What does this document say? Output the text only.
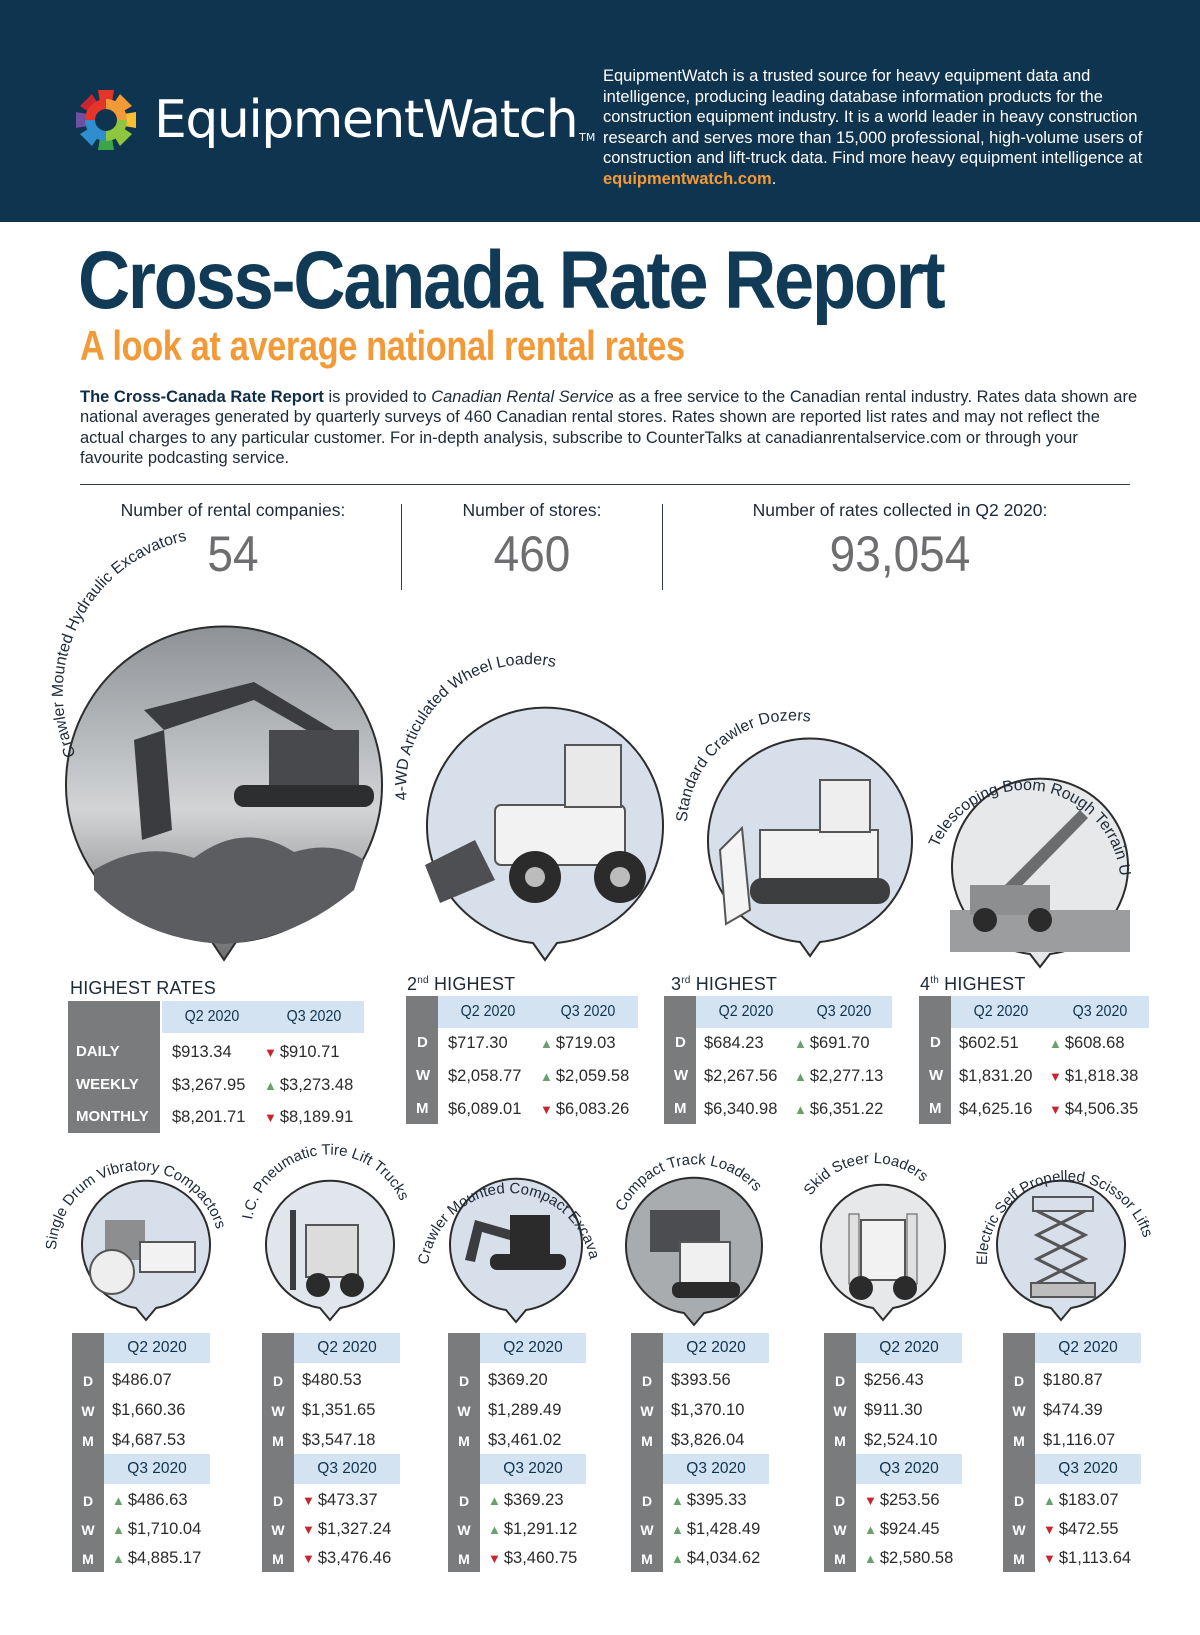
EquipmentWatch TM
EquipmentWatch is a trusted source for heavy equipment data and intelligence, producing leading database information products for the construction equipment industry. It is a world leader in heavy construction research and serves more than 15,000 professional, high-volume users of construction and lift-truck data. Find more heavy equipment intelligence at equipmentwatch.com.
Cross-Canada Rate Report
A look at average national rental rates
The Cross-Canada Rate Report is provided to Canadian Rental Service as a free service to the Canadian rental industry. Rates data shown are national averages generated by quarterly surveys of 460 Canadian rental stores. Rates shown are reported list rates and may not reflect the actual charges to any particular customer. For in-depth analysis, subscribe to CounterTalks at canadianrentalservice.com or through your favourite podcasting service.
Number of rental companies:
54
Number of stores:
460
Number of rates collected in Q2 2020:
93,054
Crawler Mounted Hydraulic Excavators
4-WD Articulated Wheel Loaders
Standard Crawler Dozers
Telescoping Boom Rough Terrain Unit
HIGHEST RATES
Q2 2020	Q3 2020
DAILY	$913.34 ▼ $910.71
WEEKLY $3,267.95 ▲ $3,273.48
MONTHLY $8,201.71 ▼ $8,189.91
2nd HIGHEST
Q2 2020	Q3 2020
D $717.30 ▲ $719.03
W $2,058.77 ▲ $2,059.58
M $6,089.01 ▼ $6,083.26
3rd HIGHEST
Q2 2020	Q3 2020
D $684.23 ▲ $691.70
W $2,267.56 ▲ $2,277.13
M $6,340.98 ▲ $6,351.22
4th HIGHEST
Q2 2020	Q3 2020
D $602.51 ▲ $608.68
W $1,831.20 ▼ $1,818.38
M $4,625.16 ▼ $4,506.35
Single Drum Vibratory Compactors
I.C. Pneumatic Tire Lift Trucks
Crawler Mounted Compact Excavators
Compact Track Loaders Skid Steer Loaders
Electric Self Propelled Scissor Lifts
Q2 2020
D	$486.07
W	$1,660.36
M	$4,687.53
Q3 2020
D	▲ $486.63
W	▲ $1,710.04
M	▲ $4,885.17
Q2 2020
D	$480.53
W	$1,351.65
M	$3,547.18
Q3 2020
D	▼ $473.37
W	▼ $1,327.24
M	▼ $3,476.46
Q2 2020
D	$369.20
W	$1,289.49
M	$3,461.02
Q3 2020
D	▲ $369.23
W	▲ $1,291.12
M	▼ $3,460.75
Q2 2020
D	$393.56
W	$1,370.10
M	$3,826.04
Q3 2020
D	▲ $395.33
W	▲ $1,428.49
M	▲ $4,034.62
Q2 2020
D	$256.43
W	$911.30
M	$2,524.10
Q3 2020
D	▼ $253.56
W	▲ $924.45
M	▲ $2,580.58
Q2 2020
D	$180.87
W	$474.39
M	$1,116.07
Q3 2020
D	▲ $183.07
W	▼ $472.55
M	▼ $1,113.64
